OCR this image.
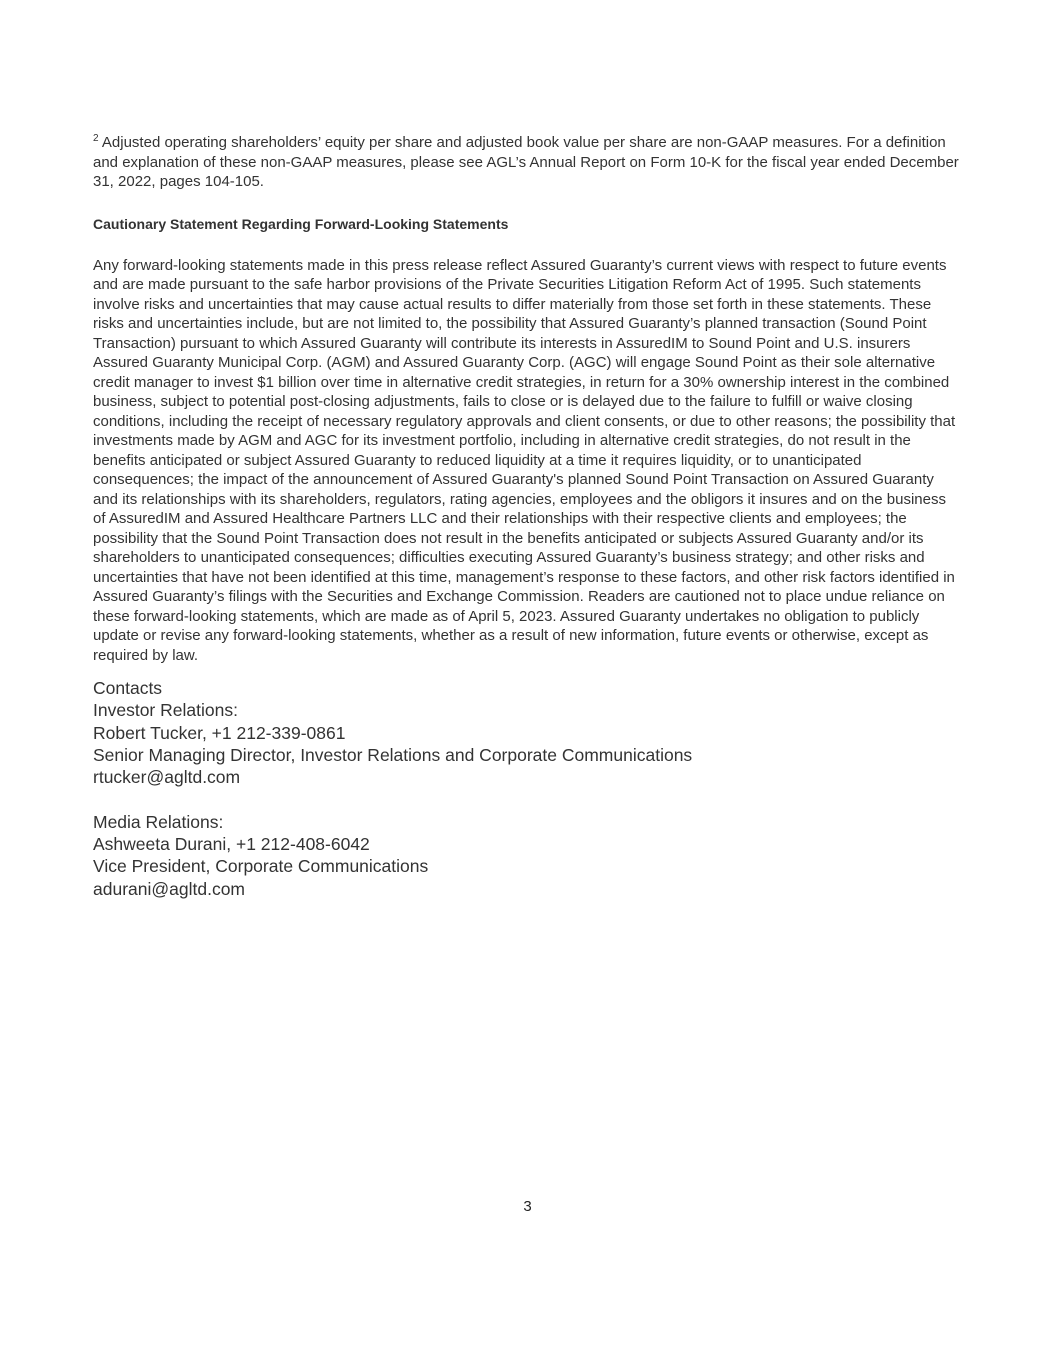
$^2$ Adjusted operating shareholders’ equity per share and adjusted book value per share are non-GAAP measures. For a definition and explanation of these non-GAAP measures, please see AGL’s Annual Report on Form 10-K for the fiscal year ended December 31, 2022, pages 104-105.

Cautionary Statement Regarding Forward-Looking Statements

Any forward-looking statements made in this press release reflect Assured Guaranty’s current views with respect to future events and are made pursuant to the safe harbor provisions of the Private Securities Litigation Reform Act of 1995. Such statements involve risks and uncertainties that may cause actual results to differ materially from those set forth in these statements. These risks and uncertainties include, but are not limited to, the possibility that Assured Guaranty’s planned transaction (Sound Point Transaction) pursuant to which Assured Guaranty will contribute its interests in AssuredIM to Sound Point and U.S. insurers Assured Guaranty Municipal Corp. (AGM) and Assured Guaranty Corp. (AGC) will engage Sound Point as their sole alternative credit manager to invest $1 billion over time in alternative credit strategies, in return for a 30% ownership interest in the combined business, subject to potential post-closing adjustments, fails to close or is delayed due to the failure to fulfill or waive closing conditions, including the receipt of necessary regulatory approvals and client consents, or due to other reasons; the possibility that investments made by AGM and AGC for its investment portfolio, including in alternative credit strategies, do not result in the benefits anticipated or subject Assured Guaranty to reduced liquidity at a time it requires liquidity, or to unanticipated consequences; the impact of the announcement of Assured Guaranty's planned Sound Point Transaction on Assured Guaranty and its relationships with its shareholders, regulators, rating agencies, employees and the obligors it insures and on the business of AssuredIM and Assured Healthcare Partners LLC and their relationships with their respective clients and employees; the possibility that the Sound Point Transaction does not result in the benefits anticipated or subjects Assured Guaranty and/or its shareholders to unanticipated consequences; difficulties executing Assured Guaranty’s business strategy; and other risks and uncertainties that have not been identified at this time, management’s response to these factors, and other risk factors identified in Assured Guaranty’s filings with the Securities and Exchange Commission. Readers are cautioned not to place undue reliance on these forward-looking statements, which are made as of April 5, 2023. Assured Guaranty undertakes no obligation to publicly update or revise any forward-looking statements, whether as a result of new information, future events or otherwise, except as required by law.

Contacts
Investor Relations:
Robert Tucker, +1 212-339-0861
Senior Managing Director, Investor Relations and Corporate Communications
rtucker@agltd.com
Media Relations:
Ashweeta Durani, +1 212-408-6042
Vice President, Corporate Communications
adurani@agltd.com
3
